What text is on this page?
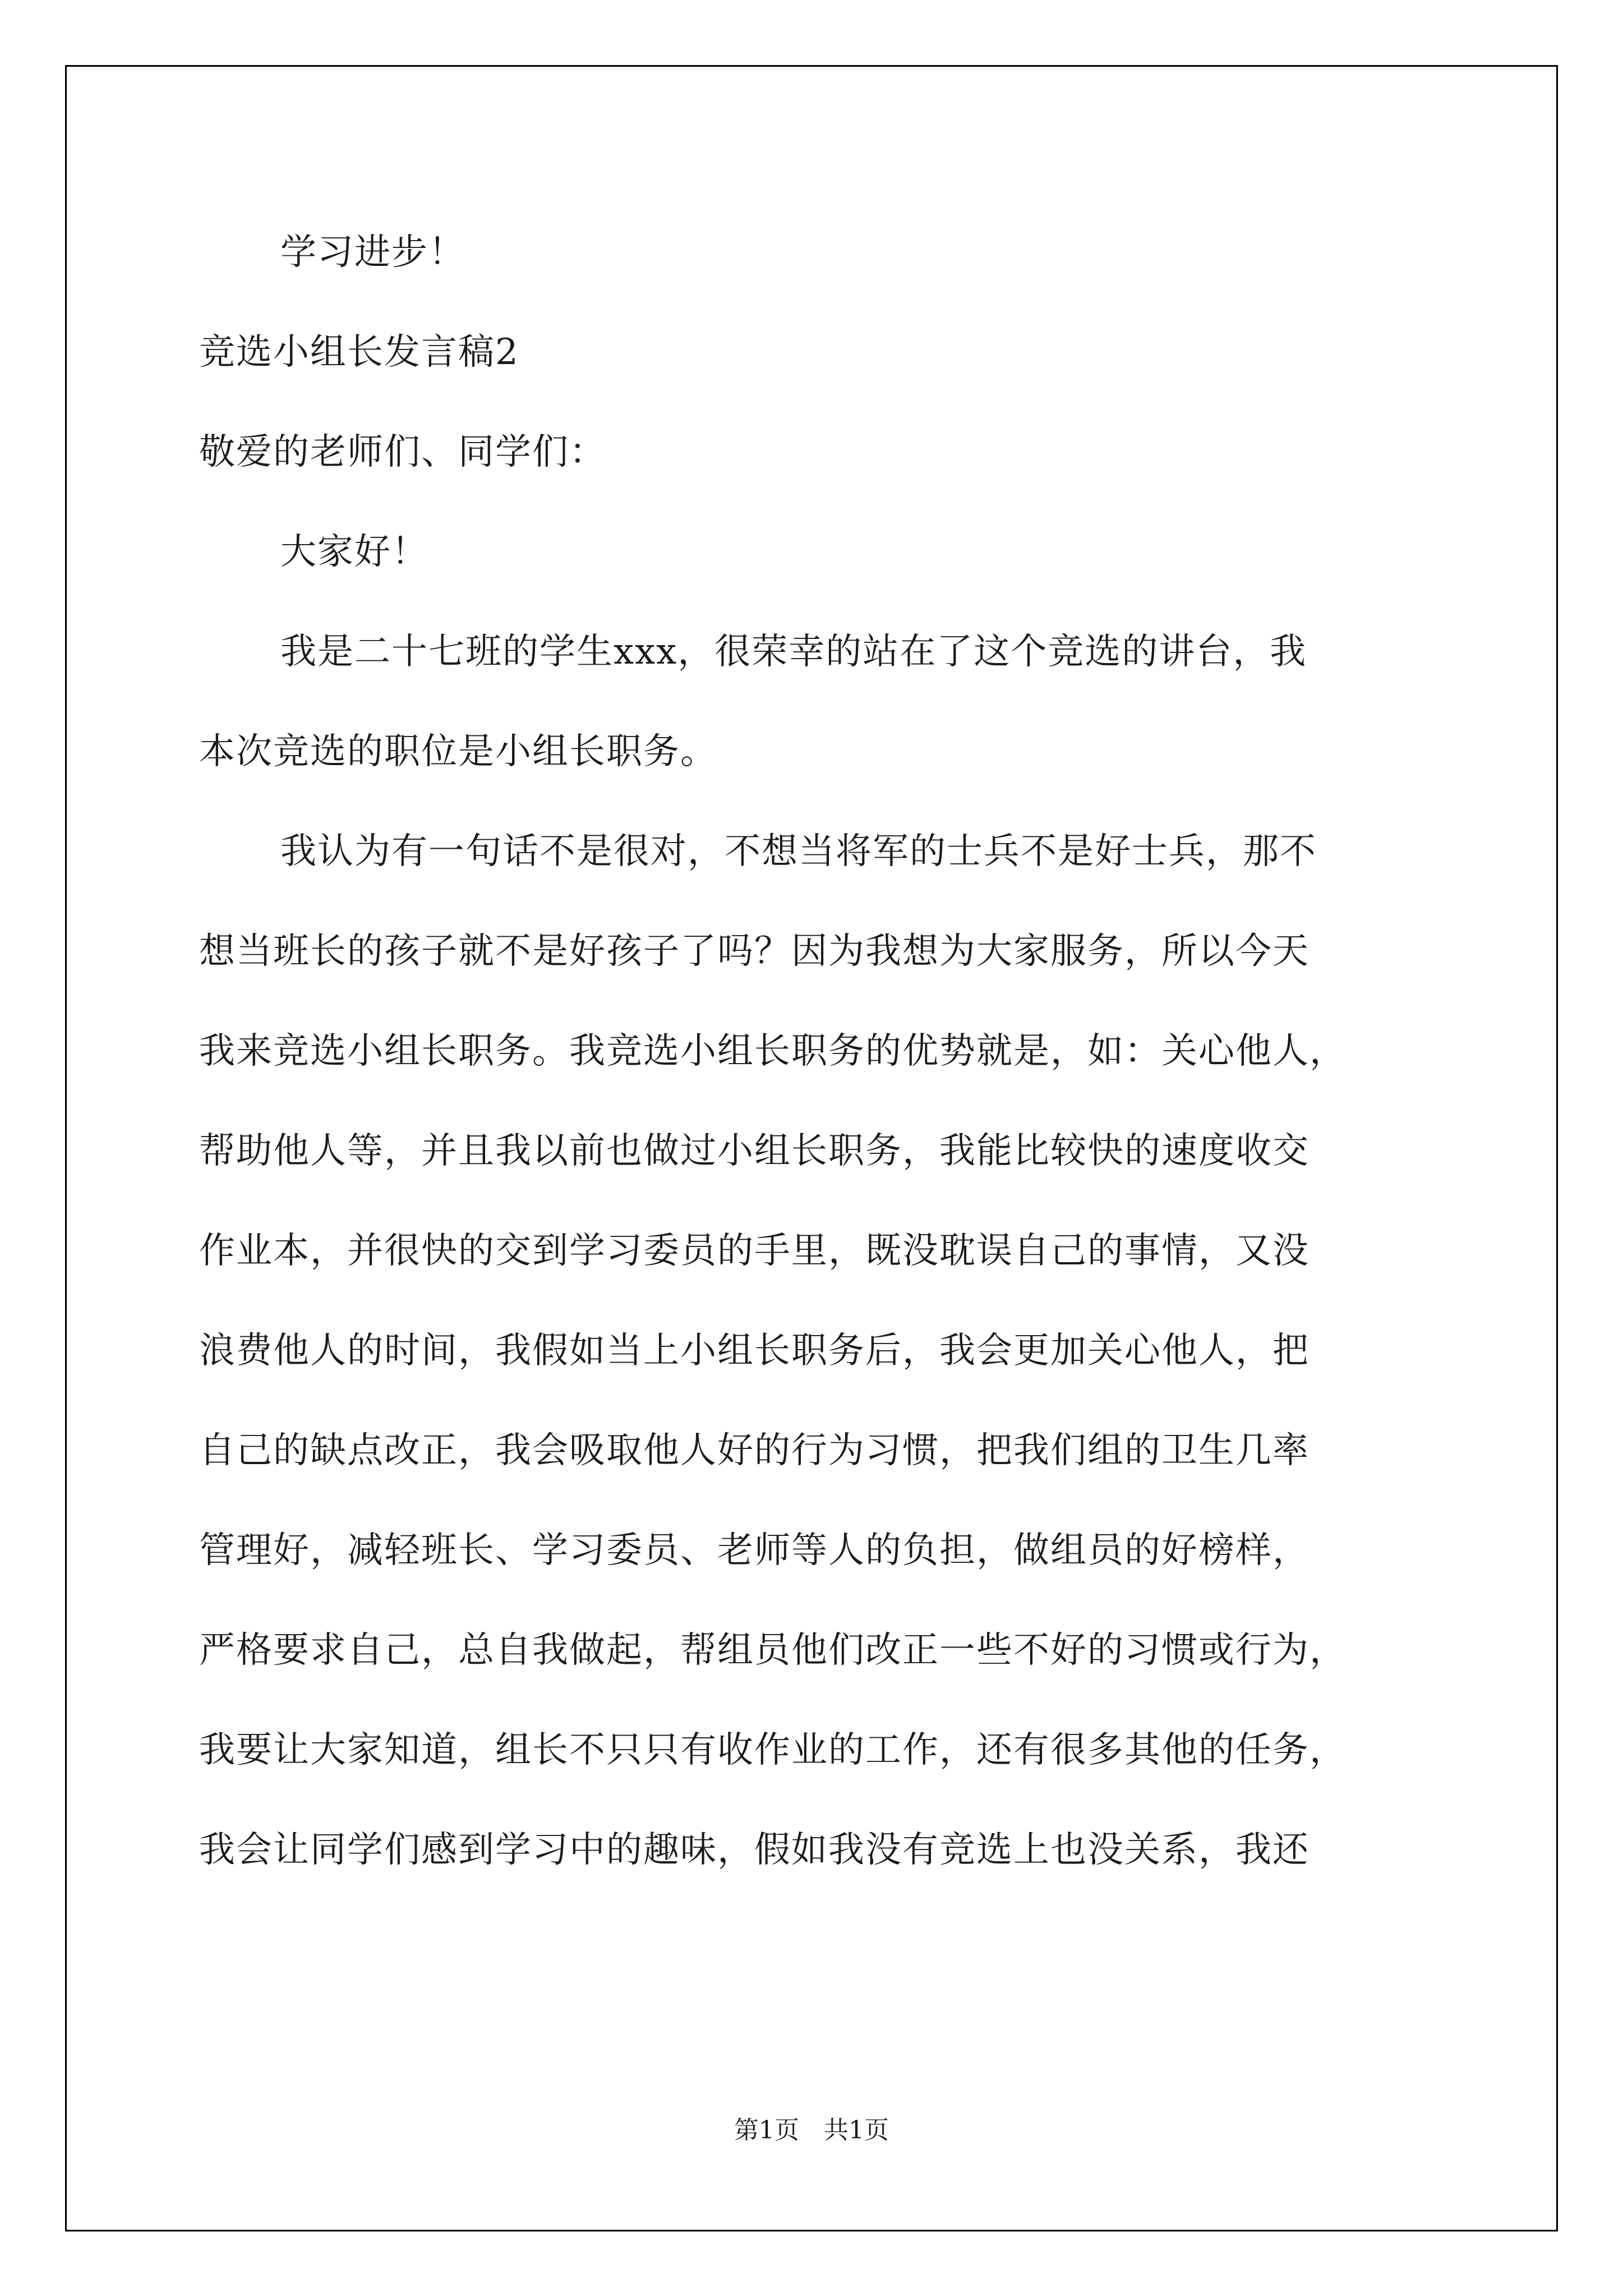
学习进步！
竞选小组长发言稿2
敬爱的老师们、同学们：
大家好！
我是二十七班的学生xxx，很荣幸的站在了这个竞选的讲台，我
本次竞选的职位是小组长职务。
我认为有一句话不是很对，不想当将军的士兵不是好士兵，那不
想当班长的孩子就不是好孩子了吗？因为我想为大家服务，所以今天
我来竞选小组长职务。我竞选小组长职务的优势就是，如：关心他人，
帮助他人等，并且我以前也做过小组长职务，我能比较快的速度收交
作业本，并很快的交到学习委员的手里，既没耽误自己的事情，又没
浪费他人的时间，我假如当上小组长职务后，我会更加关心他人，把
自己的缺点改正，我会吸取他人好的行为习惯，把我们组的卫生几率
管理好，减轻班长、学习委员、老师等人的负担，做组员的好榜样，
严格要求自己，总自我做起，帮组员他们改正一些不好的习惯或行为，
我要让大家知道，组长不只只有收作业的工作，还有很多其他的任务，
我会让同学们感到学习中的趣味，假如我没有竞选上也没关系，我还
第1页　共1页
